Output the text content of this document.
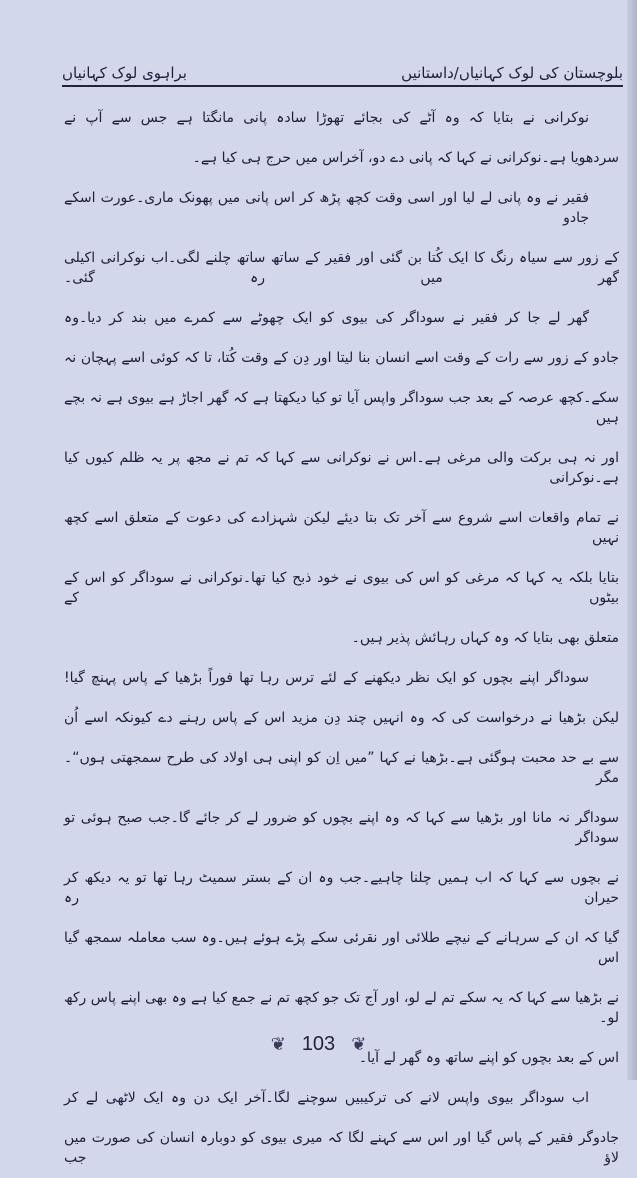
بلوچستان کی لوک کہانیاں/داستانیں
براہوی لوک کہانیاں
نوکرانی نے بتایا کہ وہ آٹے کی بجائے تھوڑا سادہ پانی مانگتا ہے جس سے آپ نے
سردھویا ہے۔نوکرانی نے کہا کہ پانی دے دو، آخراس میں حرج ہی کیا ہے۔
فقیر نے وہ پانی لے لیا اور اسی وقت کچھ پڑھ کر اس پانی میں پھونک ماری۔عورت اسکے جادو
کے زور سے سیاہ رنگ کا ایک کُتا بن گئی اور فقیر کے ساتھ ساتھ چلنے لگی۔اب نوکرانی اکیلی گھر میں رہ گئی۔
گھر لے جا کر فقیر نے سوداگر کی بیوی کو ایک چھوٹے سے کمرے میں بند کر دیا۔وہ
جادو کے زور سے رات کے وقت اسے انسان بنا لیتا اور دِن کے وقت کُتا، تا کہ کوئی اسے پہچان نہ
سکے۔کچھ عرصہ کے بعد جب سوداگر واپس آیا تو کیا دیکھتا ہے کہ گھر اجاڑ ہے بیوی ہے نہ بچے ہیں
اور نہ ہی برکت والی مرغی ہے۔اس نے نوکرانی سے کہا کہ تم نے مجھ پر یہ ظلم کیوں کیا ہے۔نوکرانی
نے تمام واقعات اسے شروع سے آخر تک بتا دیئے لیکن شہزادے کی دعوت کے متعلق اسے کچھ نہیں
بتایا بلکہ یہ کہا کہ مرغی کو اس کی بیوی نے خود ذبح کیا تھا۔نوکرانی نے سوداگر کو اس کے بیٹوں کے
متعلق بھی بتایا کہ وہ کہاں رہائش پذیر ہیں۔
سوداگر اپنے بچوں کو ایک نظر دیکھنے کے لئے ترس رہا تھا فوراً بڑھیا کے پاس پہنچ گیا!
لیکن بڑھیا نے درخواست کی کہ وہ انہیں چند دِن مزید اس کے پاس رہنے دے کیونکہ اسے اُن
سے بے حد محبت ہوگئی ہے۔بڑھیا نے کہا ”میں اِن کو اپنی ہی اولاد کی طرح سمجھتی ہوں“۔مگر
سوداگر نہ مانا اور بڑھیا سے کہا کہ وہ اپنے بچوں کو ضرور لے کر جائے گا۔جب صبح ہوئی تو سوداگر
نے بچوں سے کہا کہ اب ہمیں چلنا چاہیے۔جب وہ ان کے بستر سمیٹ رہا تھا تو یہ دیکھ کر حیران رہ
گیا کہ ان کے سرہانے کے نیچے طلائی اور نقرئی سکے پڑے ہوئے ہیں۔وہ سب معاملہ سمجھ گیا اس
نے بڑھیا سے کہا کہ یہ سکے تم لے لو، اور آج تک جو کچھ تم نے جمع کیا ہے وہ بھی اپنے پاس رکھ لو۔
اس کے بعد بچوں کو اپنے ساتھ وہ گھر لے آیا۔
اب سوداگر بیوی واپس لانے کی ترکیبیں سوچنے لگا۔آخر ایک دن وہ ایک لاٹھی لے کر
جادوگر فقیر کے پاس گیا اور اس سے کہنے لگا کہ میری بیوی کو دوبارہ انسان کی صورت میں لاؤ جب
❦ 103 ❦
